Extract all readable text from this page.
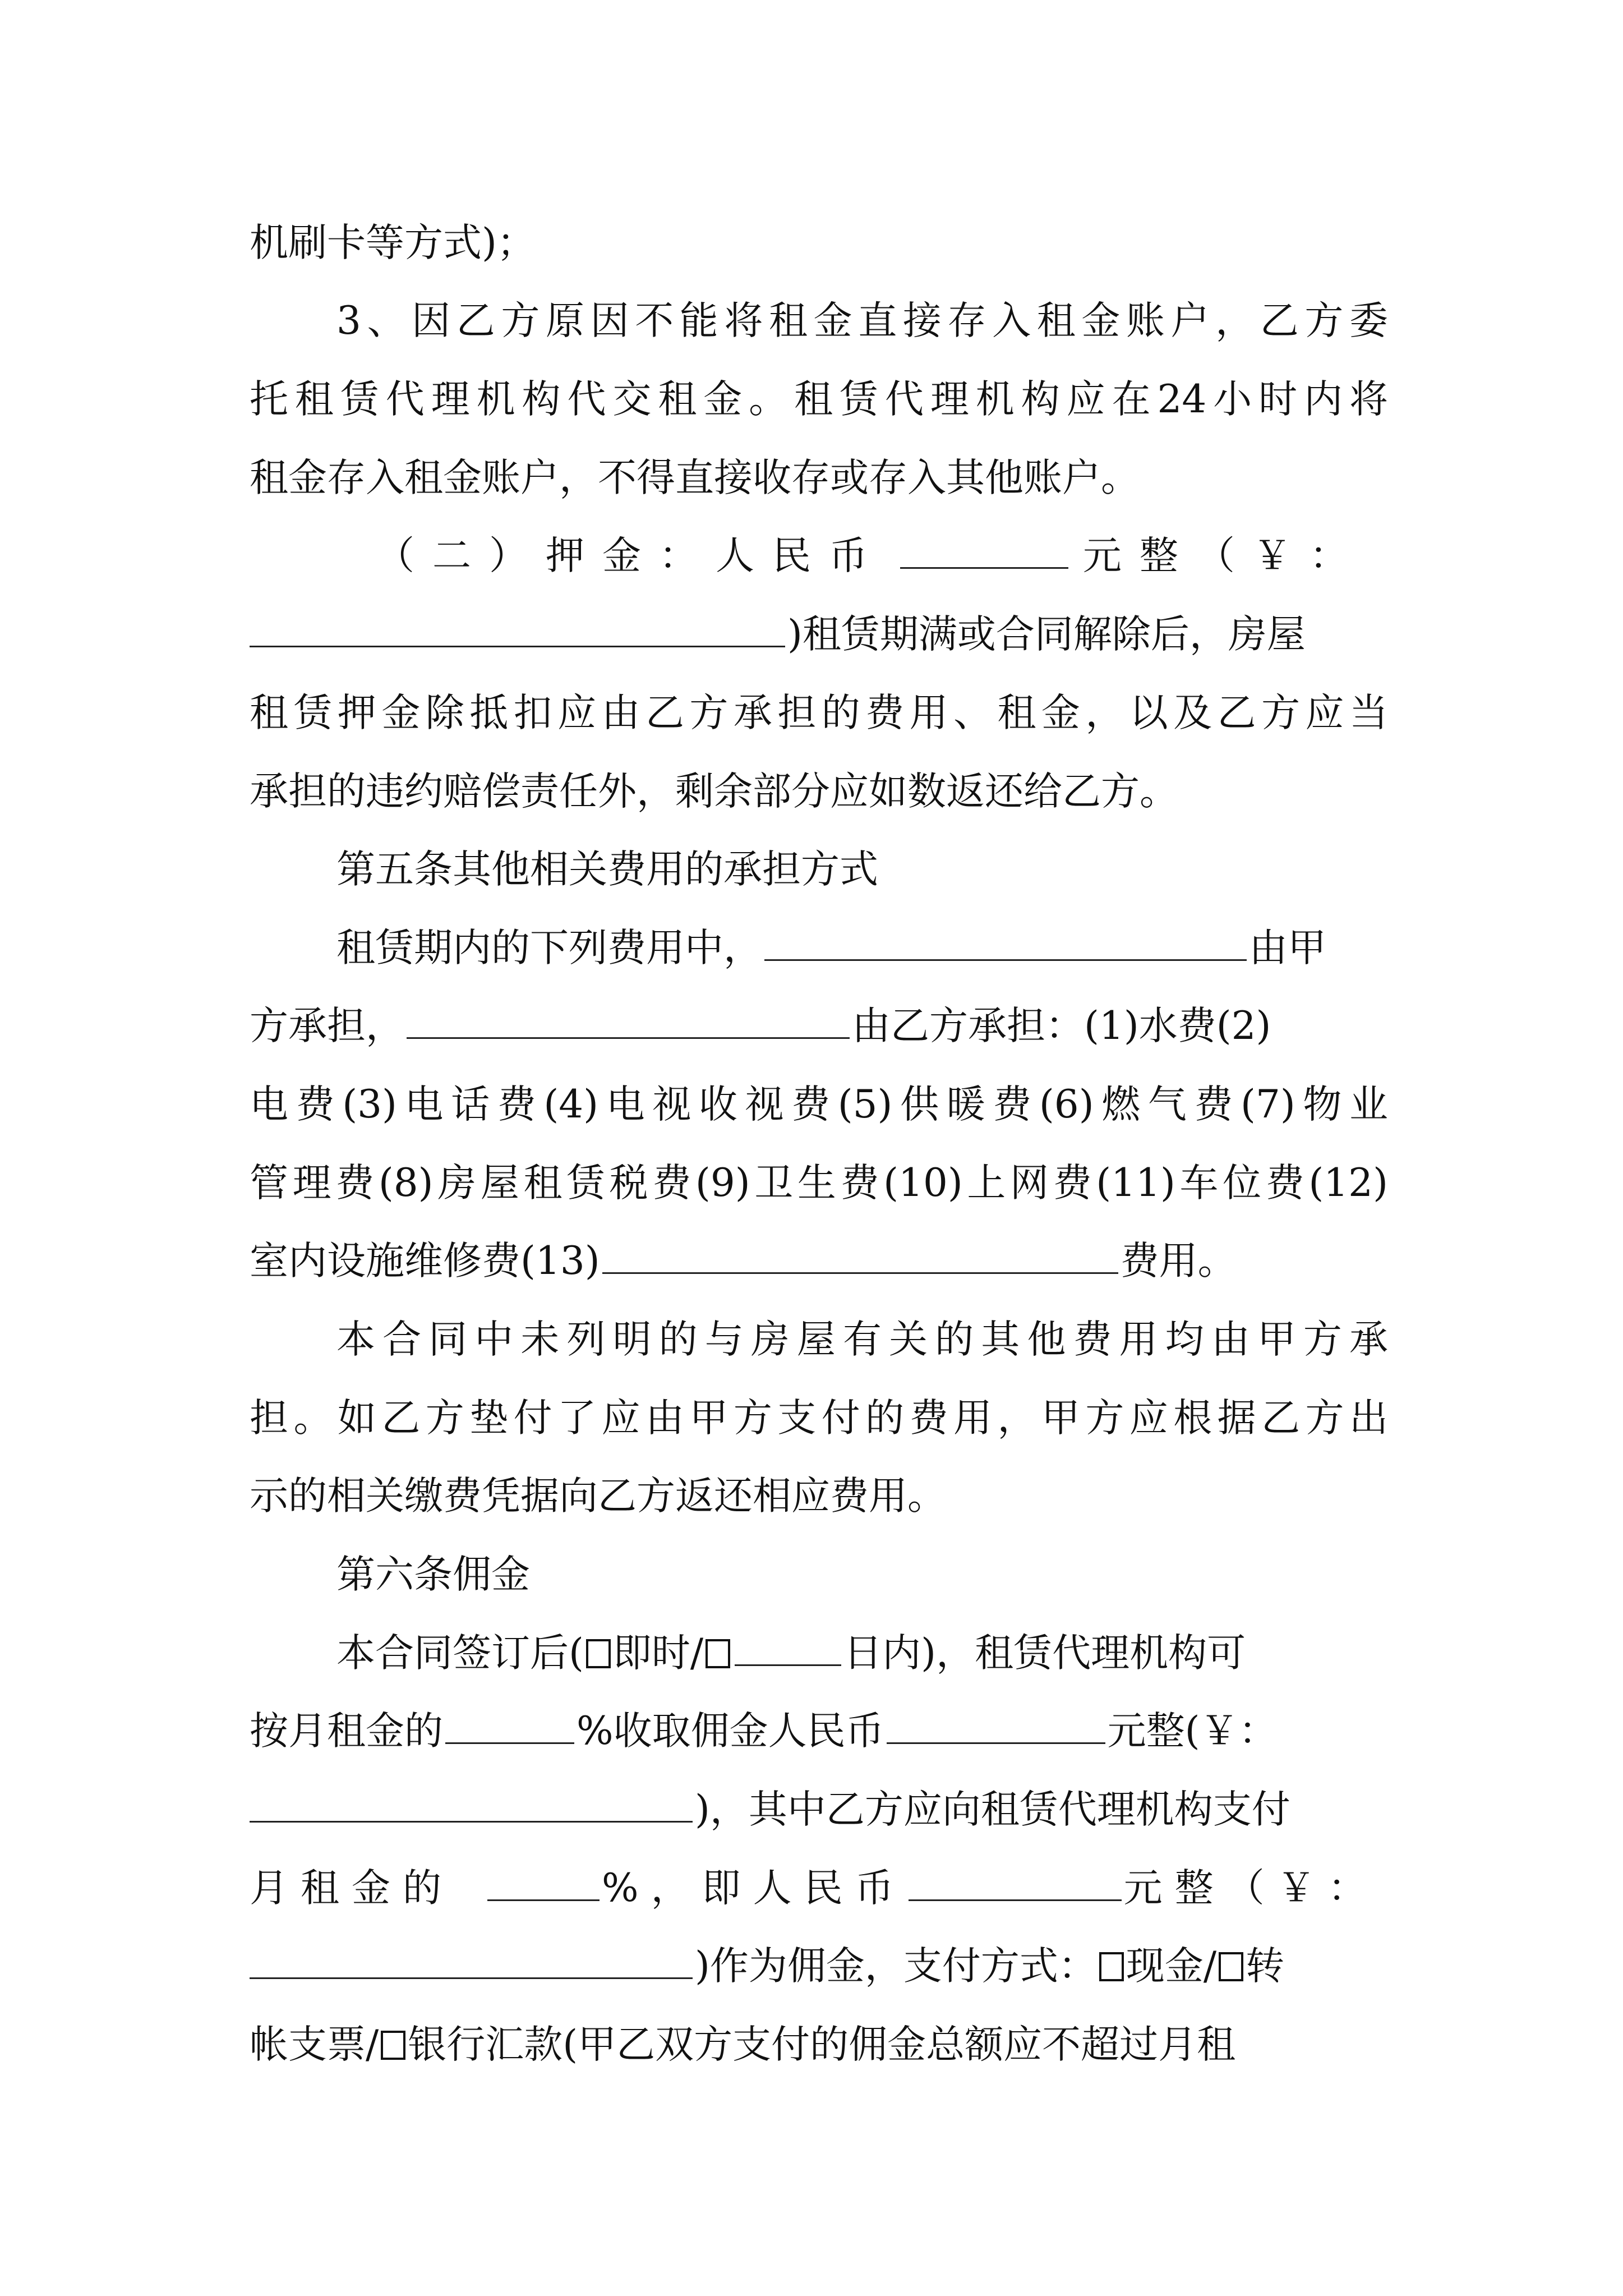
机刷卡等方式)；
3、因乙方原因不能将租金直接存入租金账户，乙方委
托租赁代理机构代交租金。租赁代理机构应在24小时内将
租金存入租金账户，不得直接收存或存入其他账户。
（二）押金：人民币	元整（￥：
)租赁期满或合同解除后，房屋
租赁押金除抵扣应由乙方承担的费用、租金，以及乙方应当
承担的违约赔偿责任外，剩余部分应如数返还给乙方。
第五条其他相关费用的承担方式
租赁期内的下列费用中，	由甲
方承担，	由乙方承担：(1)水费(2)
电费(3)电话费(4)电视收视费(5)供暖费(6)燃气费(7)物业
管理费(8)房屋租赁税费(9)卫生费(10)上网费(11)车位费(12)
室内设施维修费(13)	费用。
本合同中未列明的与房屋有关的其他费用均由甲方承
担。如乙方垫付了应由甲方支付的费用，甲方应根据乙方出
示的相关缴费凭据向乙方返还相应费用。
第六条佣金
本合同签订后( 即时/	日内)，租赁代理机构可
按月租金的	%收取佣金人民币	元整(￥：
)，其中乙方应向租赁代理机构支付
月租金的	%，即人民币	元整（￥：
)作为佣金，支付方式： 现金/ 转
帐支票/ 银行汇款(甲乙双方支付的佣金总额应不超过月租
